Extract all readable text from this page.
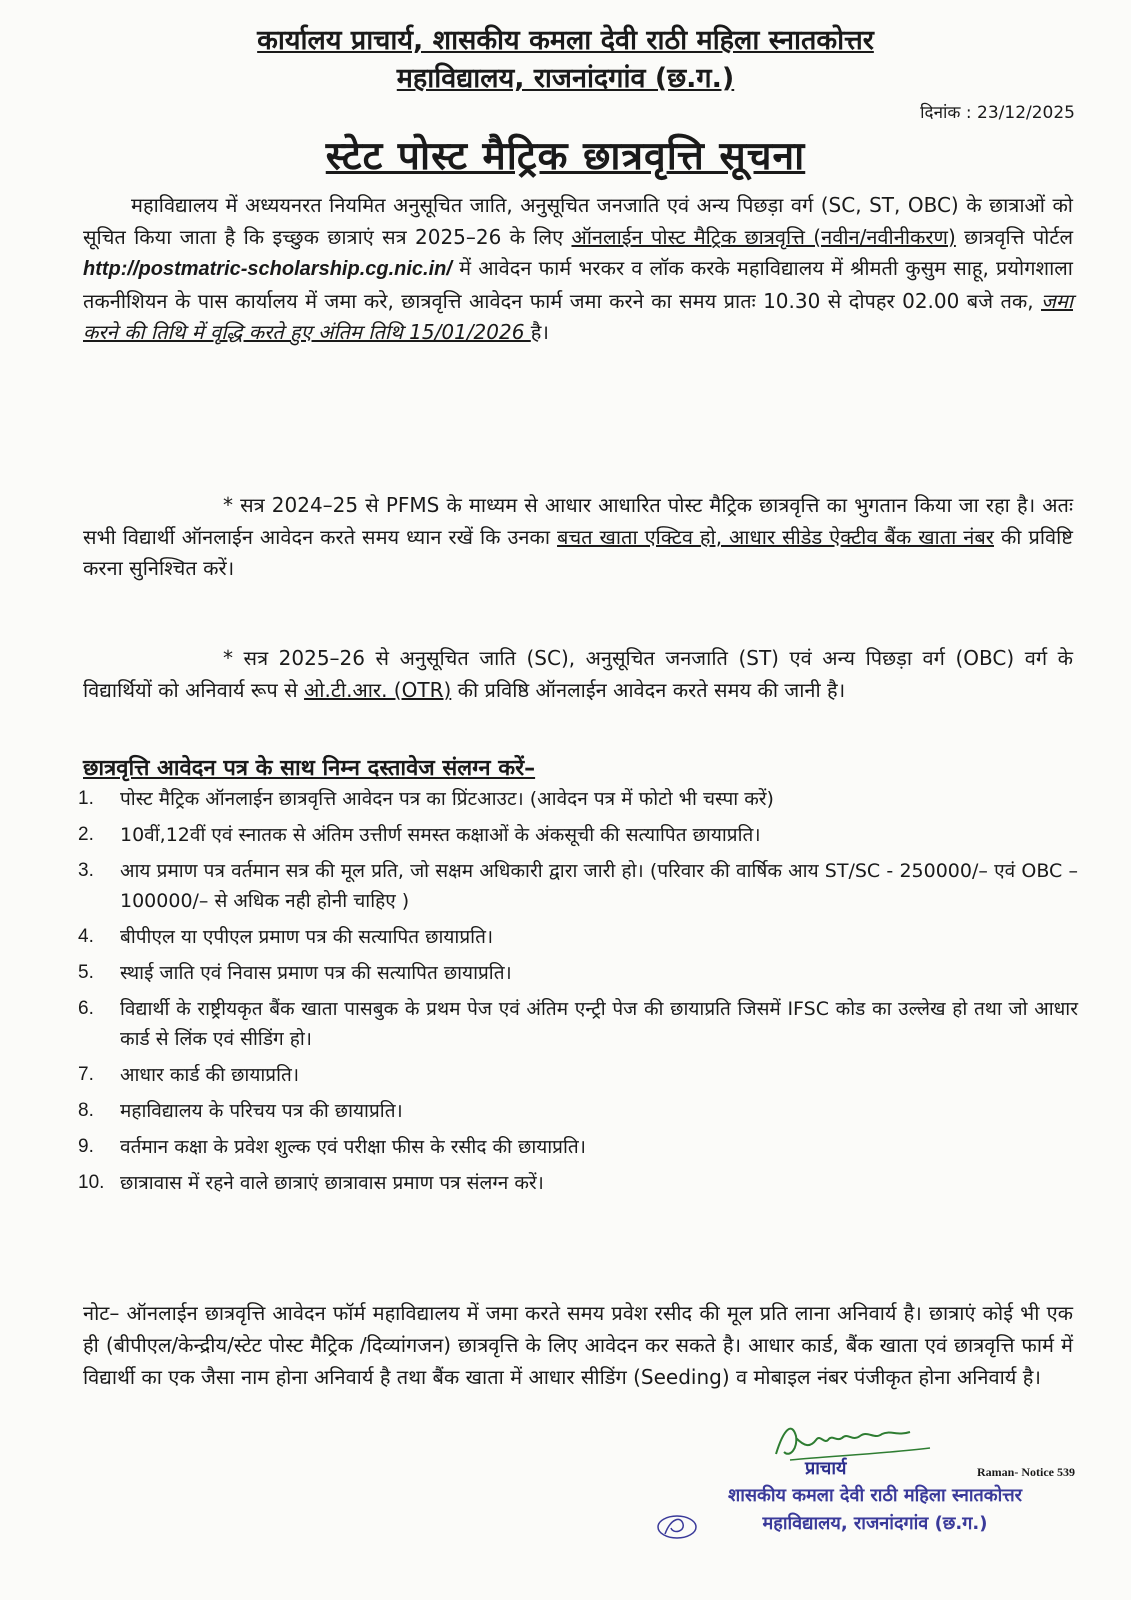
कार्यालय प्राचार्य, शासकीय कमला देवी राठी महिला स्नातकोत्तर
महाविद्यालय, राजनांदगांव (छ.ग.)
दिनांक : 23/12/2025
स्टेट पोस्ट मैट्रिक छात्रवृत्ति सूचना
महाविद्यालय में अध्ययनरत नियमित अनुसूचित जाति, अनुसूचित जनजाति एवं अन्य पिछड़ा वर्ग (SC, ST, OBC) के छात्राओं को सूचित किया जाता है कि इच्छुक छात्राएं सत्र 2025–26 के लिए ऑनलाईन पोस्ट मैट्रिक छात्रवृत्ति (नवीन/नवीनीकरण) छात्रवृत्ति पोर्टल http://postmatric-scholarship.cg.nic.in/ में आवेदन फार्म भरकर व लॉक करके महाविद्यालय में श्रीमती कुसुम साहू, प्रयोगशाला तकनीशियन के पास कार्यालय में जमा करे, छात्रवृत्ति आवेदन फार्म जमा करने का समय प्रातः 10.30 से दोपहर 02.00 बजे तक, जमा करने की तिथि में वृद्धि करते हुए अंतिम तिथि 15/01/2026 है।
* सत्र 2024–25 से PFMS के माध्यम से आधार आधारित पोस्ट मैट्रिक छात्रवृत्ति का भुगतान किया जा रहा है। अतः सभी विद्यार्थी ऑनलाईन आवेदन करते समय ध्यान रखें कि उनका बचत खाता एक्टिव हो, आधार सीडेड ऐक्टीव बैंक खाता नंबर की प्रविष्टि करना सुनिश्चित करें।
* सत्र 2025–26 से अनुसूचित जाति (SC), अनुसूचित जनजाति (ST) एवं अन्य पिछड़ा वर्ग (OBC) वर्ग के विद्यार्थियों को अनिवार्य रूप से ओ.टी.आर. (OTR) की प्रविष्ठि ऑनलाईन आवेदन करते समय की जानी है।
छात्रवृत्ति आवेदन पत्र के साथ निम्न दस्तावेज संलग्न करें–
1.	पोस्ट मैट्रिक ऑनलाईन छात्रवृत्ति आवेदन पत्र का प्रिंटआउट। (आवेदन पत्र में फोटो भी चस्पा करें)
2.	10वीं,12वीं एवं स्नातक से अंतिम उत्तीर्ण समस्त कक्षाओं के अंकसूची की सत्यापित छायाप्रति।
3.	आय प्रमाण पत्र वर्तमान सत्र की मूल प्रति, जो सक्षम अधिकारी द्वारा जारी हो। (परिवार की वार्षिक आय ST/SC - 250000/– एवं OBC – 100000/– से अधिक नही होनी चाहिए )
4.	बीपीएल या एपीएल प्रमाण पत्र की सत्यापित छायाप्रति।
5.	स्थाई जाति एवं निवास प्रमाण पत्र की सत्यापित छायाप्रति।
6.	विद्यार्थी के राष्ट्रीयकृत बैंक खाता पासबुक के प्रथम पेज एवं अंतिम एन्ट्री पेज की छायाप्रति जिसमें IFSC कोड का उल्लेख हो तथा जो आधार कार्ड से लिंक एवं सीडिंग हो।
7.	आधार कार्ड की छायाप्रति।
8.	महाविद्यालय के परिचय पत्र की छायाप्रति।
9.	वर्तमान कक्षा के प्रवेश शुल्क एवं परीक्षा फीस के रसीद की छायाप्रति।
10. छात्रावास में रहने वाले छात्राएं छात्रावास प्रमाण पत्र संलग्न करें।
नोट– ऑनलाईन छात्रवृत्ति आवेदन फॉर्म महाविद्यालय में जमा करते समय प्रवेश रसीद की मूल प्रति लाना अनिवार्य है। छात्राएं कोई भी एक ही (बीपीएल/केन्द्रीय/स्टेट पोस्ट मैट्रिक /दिव्यांगजन) छात्रवृत्ति के लिए आवेदन कर सकते है। आधार कार्ड, बैंक खाता एवं छात्रवृत्ति फार्म में विद्यार्थी का एक जैसा नाम होना अनिवार्य है तथा बैंक खाता में आधार सीडिंग (Seeding) व मोबाइल नंबर पंजीकृत होना अनिवार्य है।
प्राचार्य	Raman- Notice 539
शासकीय कमला देवी राठी महिला स्नातकोत्तर
महाविद्यालय, राजनांदगांव (छ.ग.)
